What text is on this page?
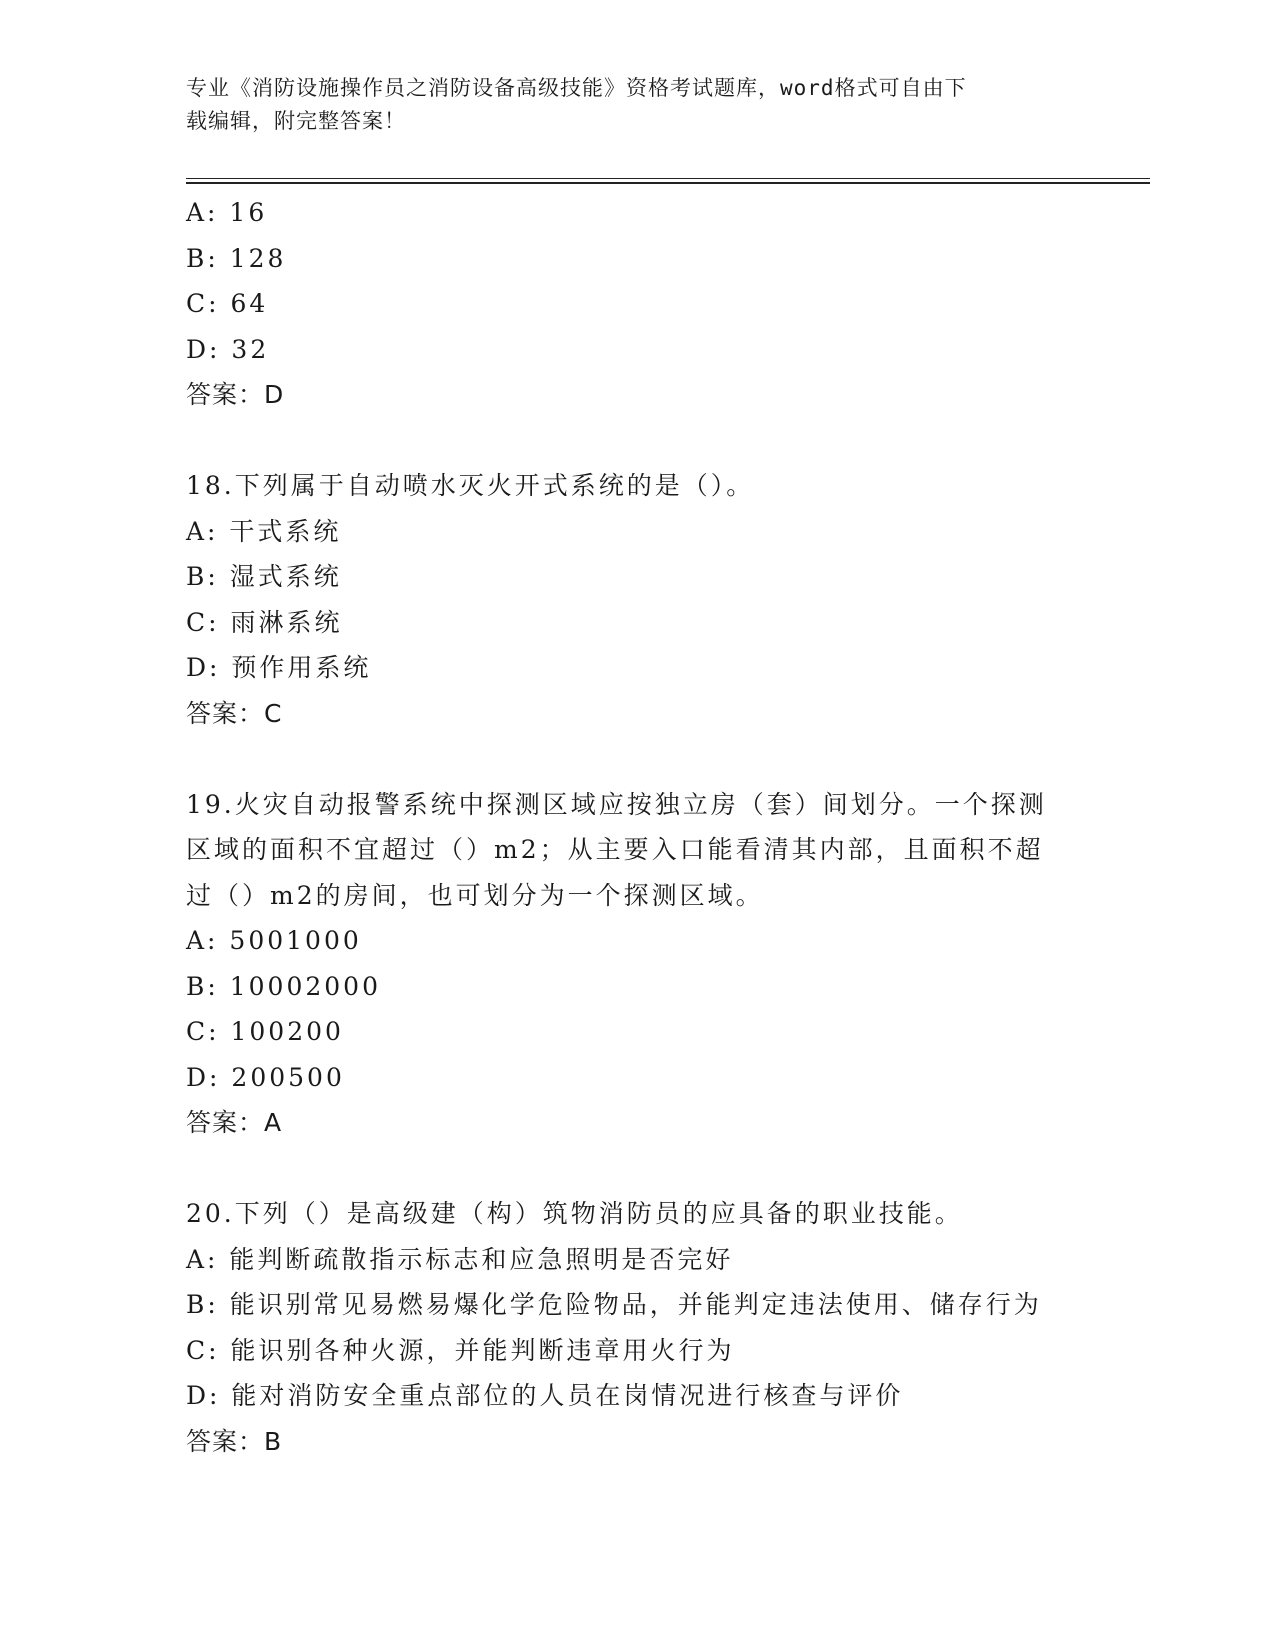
专业《消防设施操作员之消防设备高级技能》资格考试题库，word格式可自由下
载编辑，附完整答案！
A: 16
B: 128
C: 64
D: 32
答案：D
18.下列属于自动喷水灭火开式系统的是（）。
A: 干式系统
B: 湿式系统
C: 雨淋系统
D: 预作用系统
答案：C
19.火灾自动报警系统中探测区域应按独立房（套）间划分。一个探测
区域的面积不宜超过（）m2；从主要入口能看清其内部，且面积不超
过（）m2的房间，也可划分为一个探测区域。
A: 5001000
B: 10002000
C: 100200
D: 200500
答案：A
20.下列（）是高级建（构）筑物消防员的应具备的职业技能。
A: 能判断疏散指示标志和应急照明是否完好
B: 能识别常见易燃易爆化学危险物品，并能判定违法使用、储存行为
C: 能识别各种火源，并能判断违章用火行为
D: 能对消防安全重点部位的人员在岗情况进行核查与评价
答案：B
